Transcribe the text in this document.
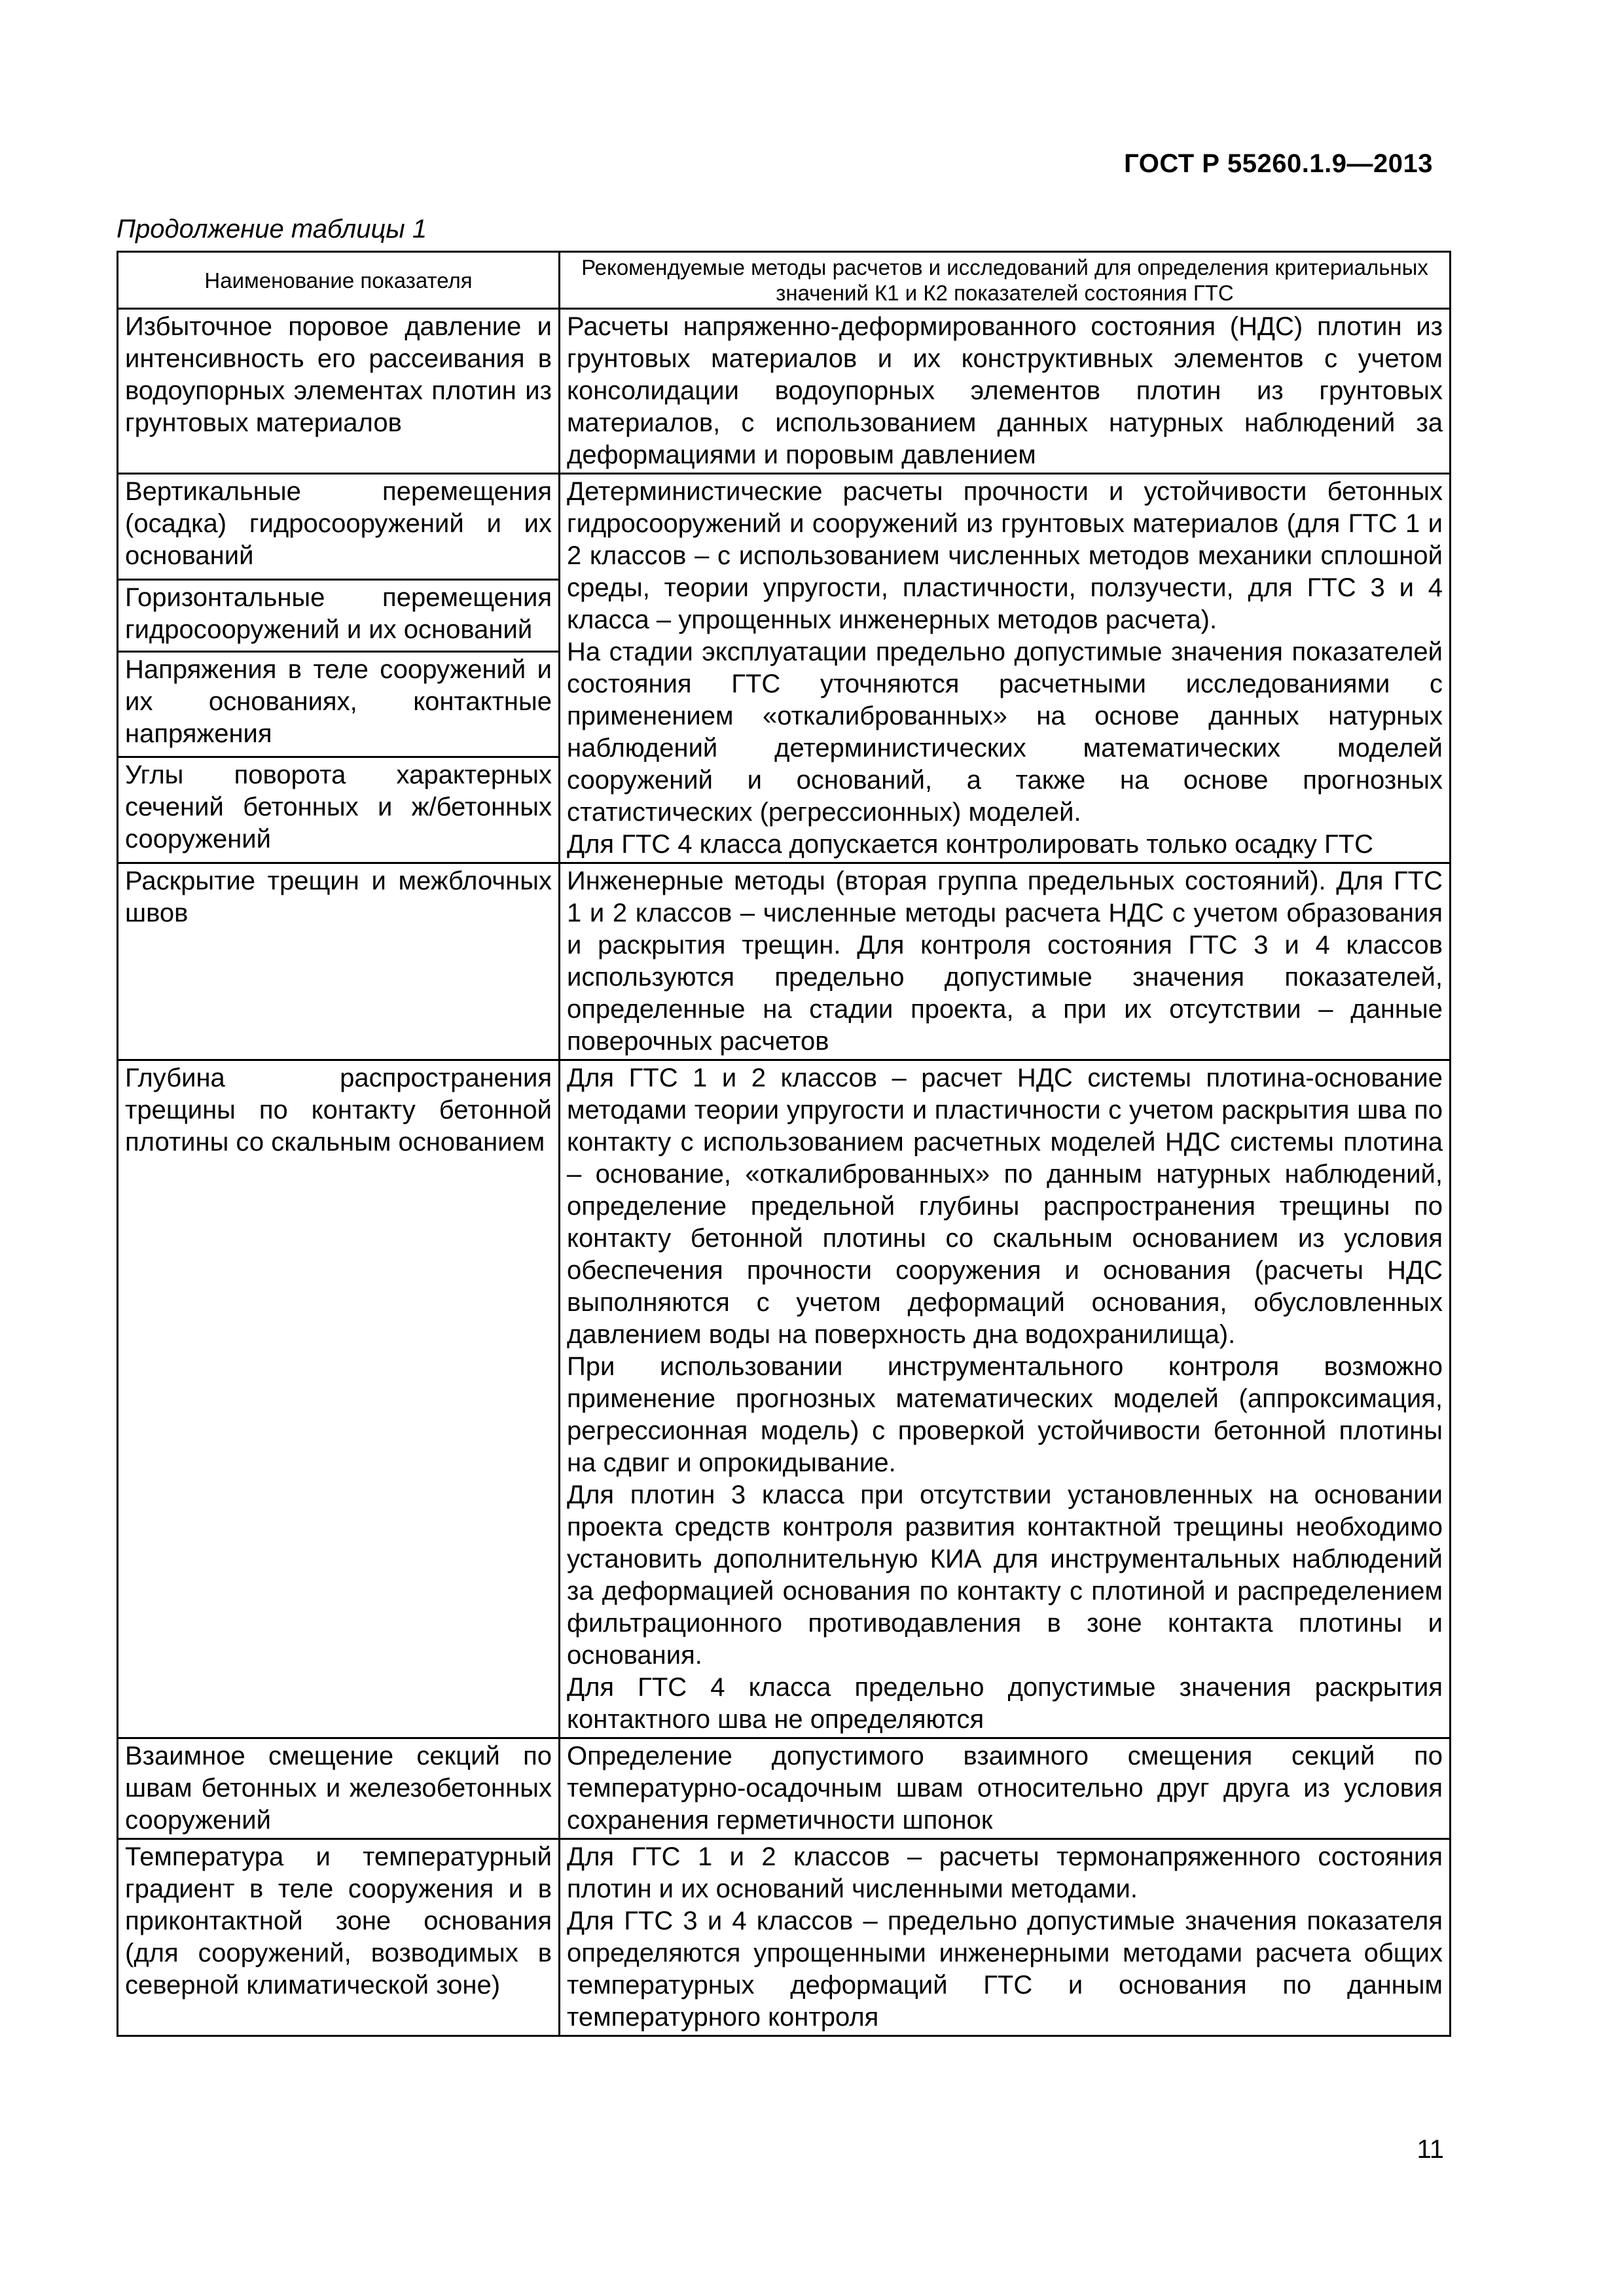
ГОСТ Р 55260.1.9—2013
Продолжение таблицы 1
Наименование показателя	Рекомендуемые методы расчетов и исследований для определения критериальных значений К1 и К2 показателей состояния ГТС
Избыточное поровое давление и интенсивность его рассеивания в водоупорных элементах плотин из грунтовых материалов	Расчеты напряженно-деформированного состояния (НДС) плотин из грунтовых материалов и их конструктивных элементов с учетом консолидации водоупорных элементов плотин из грунтовых материалов, с использованием данных натурных наблюдений за деформациями и поровым давлением

Вертикальные перемещения (осадка) гидросооружений и их оснований	Детерминистические расчеты прочности и устойчивости бетонных гидросооружений и сооружений из грунтовых материалов (для ГТС 1 и 2 классов – с использованием численных методов механики сплошной среды, теории упругости, пластичности, ползучести, для ГТС 3 и 4 класса – упрощенных инженерных методов расчета).

На стадии эксплуатации предельно допустимые значения показателей состояния ГТС уточняются расчетными исследованиями с применением «откалиброванных» на основе данных натурных наблюдений детерминистических математических моделей сооружений и оснований, а также на основе прогнозных статистических (регрессионных) моделей.

Для ГТС 4 класса допускается контролировать только осадку ГТС

Горизонтальные перемещения гидросооружений и их оснований	
Напряжения в теле сооружений и их основаниях, контактные напряжения	
Углы поворота характерных сечений бетонных и ж/бетонных сооружений	
Раскрытие трещин и межблочных швов	Инженерные методы (вторая группа предельных состояний). Для ГТС 1 и 2 классов – численные методы расчета НДС с учетом образования и раскрытия трещин. Для контроля состояния ГТС 3 и 4 классов используются предельно допустимые значения показателей, определенные на стадии проекта, а при их отсутствии – данные поверочных расчетов

Глубина распространения трещины по контакту бетонной плотины со скальным основанием	Для ГТС 1 и 2 классов – расчет НДС системы плотина-основание методами теории упругости и пластичности с учетом раскрытия шва по контакту с использованием расчетных моделей НДС системы плотина – основание, «откалиброванных» по данным натурных наблюдений, определение предельной глубины распространения трещины по контакту бетонной плотины со скальным основанием из условия обеспечения прочности сооружения и основания (расчеты НДС выполняются с учетом деформаций основания, обусловленных давлением воды на поверхность дна водохранилища).

При использовании инструментального контроля возможно применение прогнозных математических моделей (аппроксимация, регрессионная модель) с проверкой устойчивости бетонной плотины на сдвиг и опрокидывание.

Для плотин 3 класса при отсутствии установленных на основании проекта средств контроля развития контактной трещины необходимо установить дополнительную КИА для инструментальных наблюдений за деформацией основания по контакту с плотиной и распределением фильтрационного противодавления в зоне контакта плотины и основания.

Для ГТС 4 класса предельно допустимые значения раскрытия контактного шва не определяются

Взаимное смещение секций по швам бетонных и железобетонных сооружений	Определение допустимого взаимного смещения секций по температурно-осадочным швам относительно друг друга из условия сохранения герметичности шпонок

Температура и температурный градиент в теле сооружения и в приконтактной зоне основания (для сооружений, возводимых в северной климатической зоне)	Для ГТС 1 и 2 классов – расчеты термонапряженного состояния плотин и их оснований численными методами.

Для ГТС 3 и 4 классов – предельно допустимые значения показателя определяются упрощенными инженерными методами расчета общих температурных деформаций ГТС и основания по данным температурного контроля

11
